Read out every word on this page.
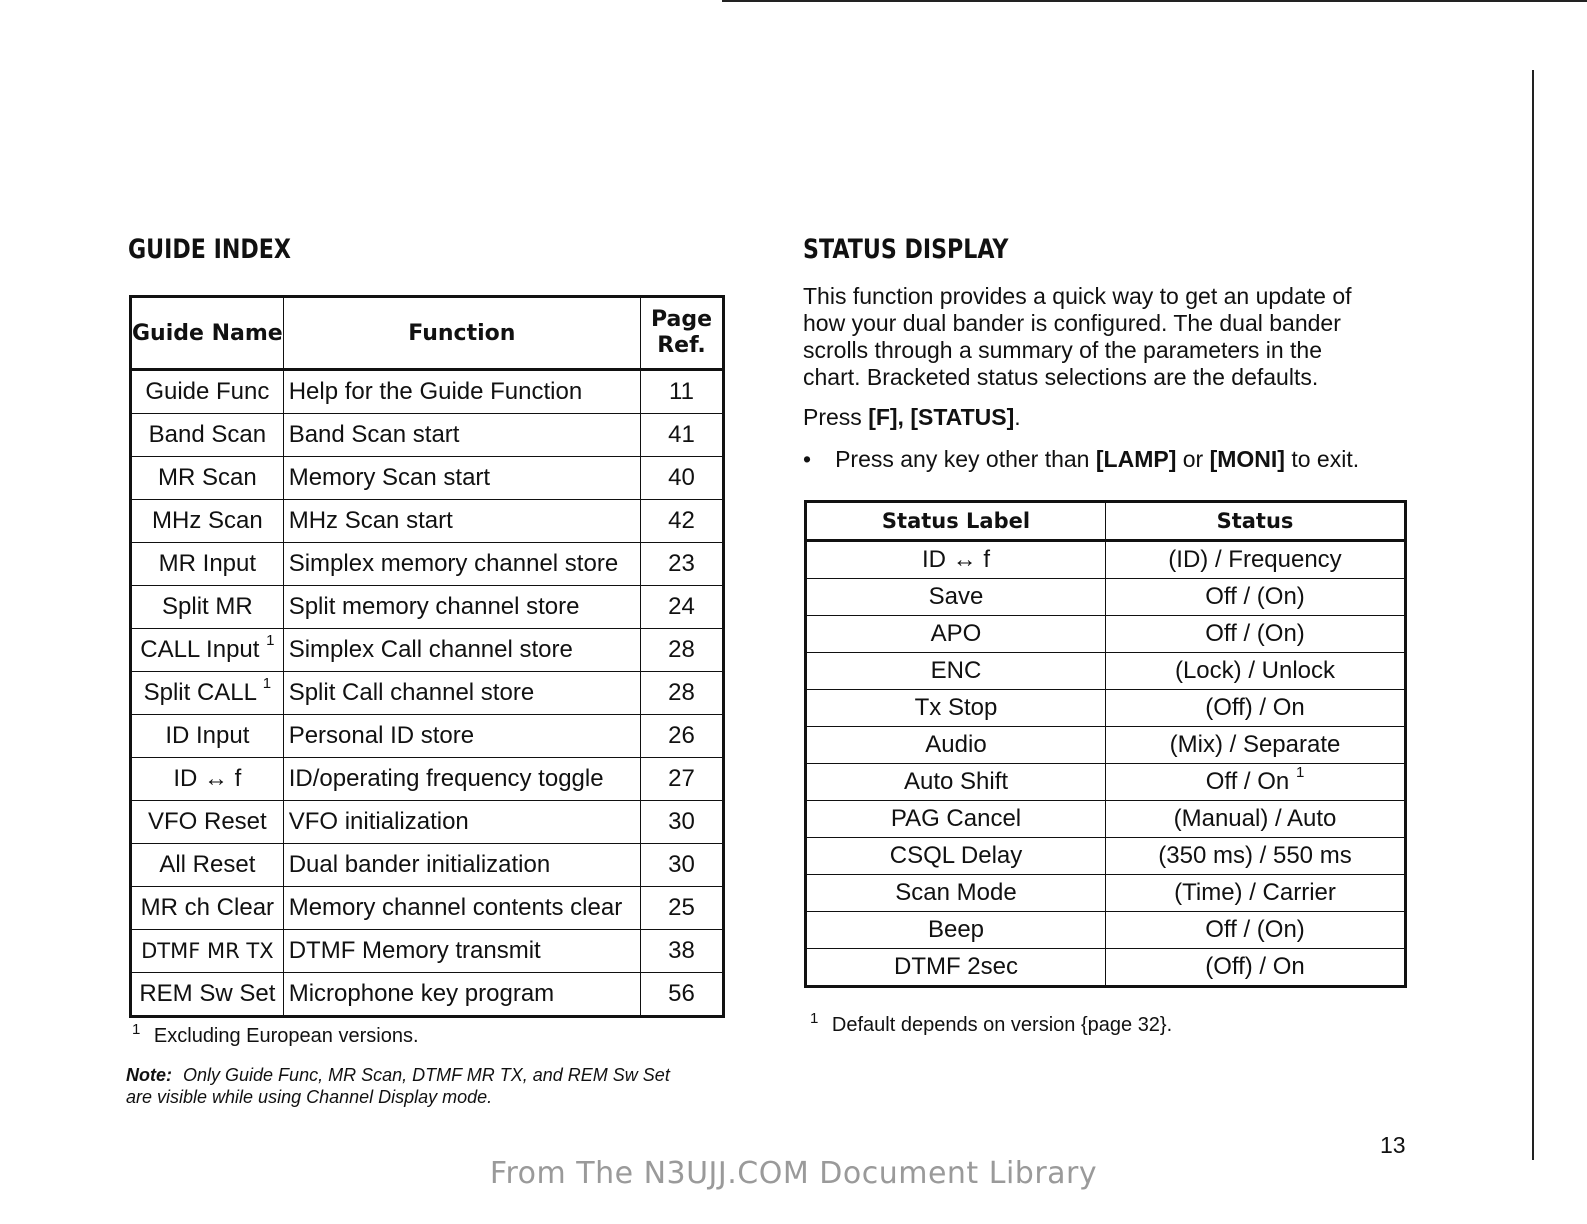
GUIDE INDEX
Guide Name	Function	Page
Ref.
Guide Func	Help for the Guide Function	11
Band Scan	Band Scan start	41
MR Scan	Memory Scan start	40
MHz Scan	MHz Scan start	42
MR Input	Simplex memory channel store	23
Split MR	Split memory channel store	24
CALL Input $^1$	Simplex Call channel store	28
Split CALL $^1$	Split Call channel store	28
ID Input	Personal ID store	26
ID ↔ f	ID/operating frequency toggle	27
VFO Reset	VFO initialization	30
All Reset	Dual bander initialization	30
MR ch Clear	Memory channel contents clear	25
DTMF MR TX	DTMF Memory transmit	38
REM Sw Set	Microphone key program	56
$^1$ Excluding European versions.
Note: Only Guide Func, MR Scan, DTMF MR TX, and REM Sw Set
are visible while using Channel Display mode.
STATUS DISPLAY
This function provides a quick way to get an update of
how your dual bander is configured. The dual bander
scrolls through a summary of the parameters in the
chart. Bracketed status selections are the defaults.
Press [F], [STATUS].
• Press any key other than [LAMP] or [MONI] to exit.
Status Label	Status
ID ↔ f	(ID) / Frequency
Save	Off / (On)
APO	Off / (On)
ENC	(Lock) / Unlock
Tx Stop	(Off) / On
Audio	(Mix) / Separate
Auto Shift	Off / On $^1$
PAG Cancel	(Manual) / Auto
CSQL Delay	(350 ms) / 550 ms
Scan Mode	(Time) / Carrier
Beep	Off / (On)
DTMF 2sec	(Off) / On
$^1$ Default depends on version {page 32}.
13
From The N3UJJ.COM Document Library
